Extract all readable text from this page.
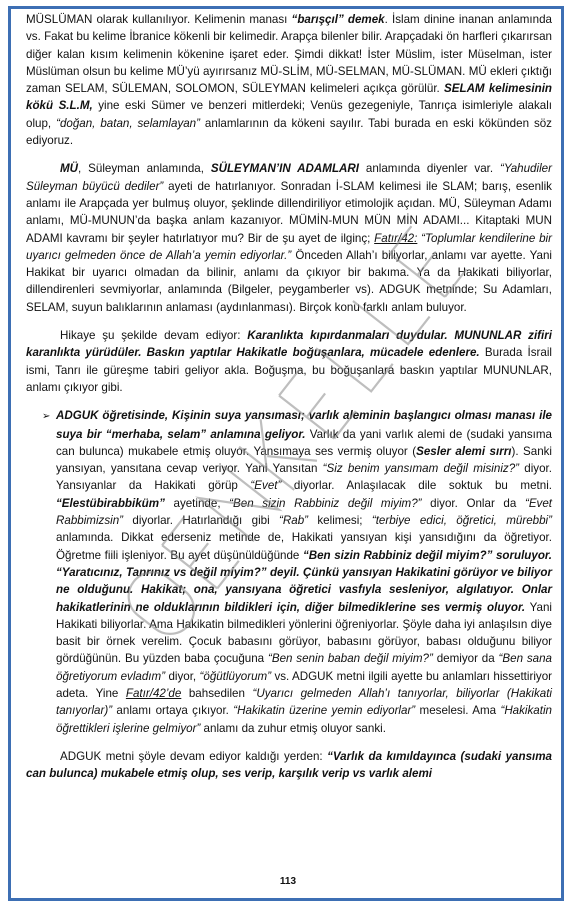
MÜSLÜMAN olarak kullanılıyor. Kelimenin manası “barışçıl” demek. İslam dinine inanan anlamında vs. Fakat bu kelime İbranice kökenli bir kelimedir. Arapça bilenler bilir. Arapçadaki ön harfleri çıkarırsan diğer kalan kısım kelimenin kökenine işaret eder. Şimdi dikkat! İster Müslim, ister Müselman, ister Müslüman olsun bu kelime MÜ’yü ayırırsanız MÜ-SLİM, MÜ-SELMAN, MÜ-SLÜMAN. MÜ ekleri çıktığı zaman SELAM, SÜLEMAN, SOLOMON, SÜLEYMAN kelimeleri açıkça görülür. SELAM kelimesinin kökü S.L.M, yine eski Sümer ve benzeri mitlerdeki; Venüs gezegeniyle, Tanrıça isimleriyle alakalı olup, “doğan, batan, selamlayan” anlamlarının da kökeni sayılır. Tabi burada en eski kökünden söz ediyoruz.

MÜ, Süleyman anlamında, SÜLEYMAN’IN ADAMLARI anlamında diyenler var. “Yahudiler Süleyman büyücü dediler” ayeti de hatırlanıyor. Sonradan İ-SLAM kelimesi ile SLAM; barış, esenlik anlamı ile Arapçada yer bulmuş oluyor, şeklinde dillendiriliyor etimolojik açıdan. MÜ, Süleyman Adamı anlamı, MÜ-MUNUN’da başka anlam kazanıyor. MÜMİN-MUN MÜN MİN ADAMI... Kitaptaki MUN ADAMI kavramı bir şeyler hatırlatıyor mu? Bir de şu ayet de ilginç; Fatır/42: “Toplumlar kendilerine bir uyarıcı gelmeden önce de Allah’a yemin ediyorlar.” Önceden Allah’ı biliyorlar, anlamı var ayette. Yani Hakikat bir uyarıcı olmadan da bilinir, anlamı da çıkıyor bir bakıma. Ya da Hakikati biliyorlar, dillendirenleri sevmiyorlar, anlamında (Bilgeler, peygamberler vs). ADGUK metninde; Su Adamları, SELAM, suyun balıklarının anlaması (aydınlanması). Birçok konu farklı anlam buluyor.

Hikaye şu şekilde devam ediyor: Karanlıkta kıpırdanmaları duydular. MUNUNLAR zifiri karanlıkta yürüdüler. Baskın yaptılar Hakikatle boğuşanlara, mücadele edenlere. Burada İsrail ismi, Tanrı ile güreşme tabiri geliyor akla. Boğuşma, bu boğuşanlara baskın yaptılar MUNUNLAR, anlamı çıkıyor gibi.

➢ ADGUK öğretisinde, Kişinin suya yansıması; varlık aleminin başlangıcı olması manası ile suya bir “merhaba, selam” anlamına geliyor. Varlık da yani varlık alemi de (sudaki yansıma can bulunca) mukabele etmiş oluyor. Yansımaya ses vermiş oluyor (Sesler alemi sırrı). Sanki yansıyan, yansıtana cevap veriyor. Yani Yansıtan “Siz benim yansımam değil misiniz?” diyor. Yansıyanlar da Hakikati görüp “Evet” diyorlar. Anlaşılacak dile soktuk bu metni. “Elestübirabbiküm” ayetinde, “Ben sizin Rabbiniz değil miyim?” diyor. Onlar da “Evet Rabbimizsin” diyorlar. Hatırlandığı gibi “Rab” kelimesi; “terbiye edici, öğretici, mürebbi” anlamında. Dikkat ederseniz metinde de, Hakikati yansıyan kişi yansıdığını da öğretiyor. Öğretme fiili işleniyor. Bu ayet düşünüldüğünde “Ben sizin Rabbiniz değil miyim?” soruluyor. “Yaratıcınız, Tanrınız vs değil miyim?” deyil. Çünkü yansıyan Hakikatini görüyor ve biliyor ne olduğunu. Hakikat; ona, yansıyana öğretici vasfıyla sesleniyor, algılatıyor. Onlar hakikatlerinin ne olduklarının bildikleri için, diğer bilmediklerine ses vermiş oluyor. Yani Hakikati biliyorlar. Ama Hakikatin bilmedikleri yönlerini öğreniyorlar. Şöyle daha iyi anlaşılsın diye basit bir örnek verelim. Çocuk babasını görüyor, babasını görüyor, babası olduğunu biliyor gördüğünün. Bu yüzden baba çocuğuna “Ben senin baban değil miyim?” demiyor da “Ben sana öğretiyorum evladım” diyor, “öğütlüyorum” vs. ADGUK metni ilgili ayette bu anlamları hissettiriyor adeta. Yine Fatır/42’de bahsedilen “Uyarıcı gelmeden Allah’ı tanıyorlar, biliyorlar (Hakikati tanıyorlar)” anlamı ortaya çıkıyor. “Hakikatin üzerine yemin ediyorlar” meselesi. Ama “Hakikatin öğrettikleri işlerine gelmiyor” anlamı da zuhur etmiş oluyor sanki.

ADGUK metni şöyle devam ediyor kaldığı yerden: “Varlık da kımıldayınca (sudaki yansıma can bulunca) mukabele etmiş olup, ses verip, karşılık verip vs varlık alemi

113
